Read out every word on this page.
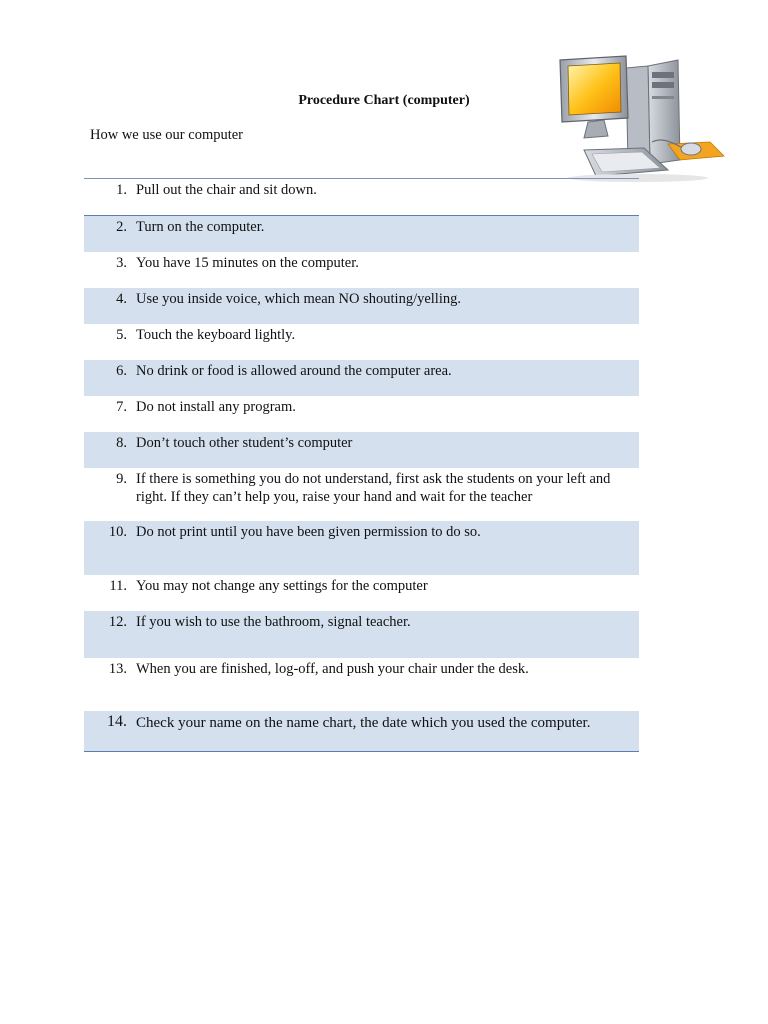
Procedure Chart (computer)
How we use our computer
1. Pull out the chair and sit down.
2. Turn on the computer.
3. You have 15 minutes on the computer.
4. Use you inside voice, which mean NO shouting/yelling.
5. Touch the keyboard lightly.
6. No drink or food is allowed around the computer area.
7. Do not install any program.
8. Don’t touch other student’s computer
9. If there is something you do not understand, first ask the students on your left and right. If they can’t help you, raise your hand and wait for the teacher
10. Do not print until you have been given permission to do so.
11. You may not change any settings for the computer
12. If you wish to use the bathroom, signal teacher.
13. When you are finished, log-off, and push your chair under the desk.
14. Check your name on the name chart, the date which you used the computer.
